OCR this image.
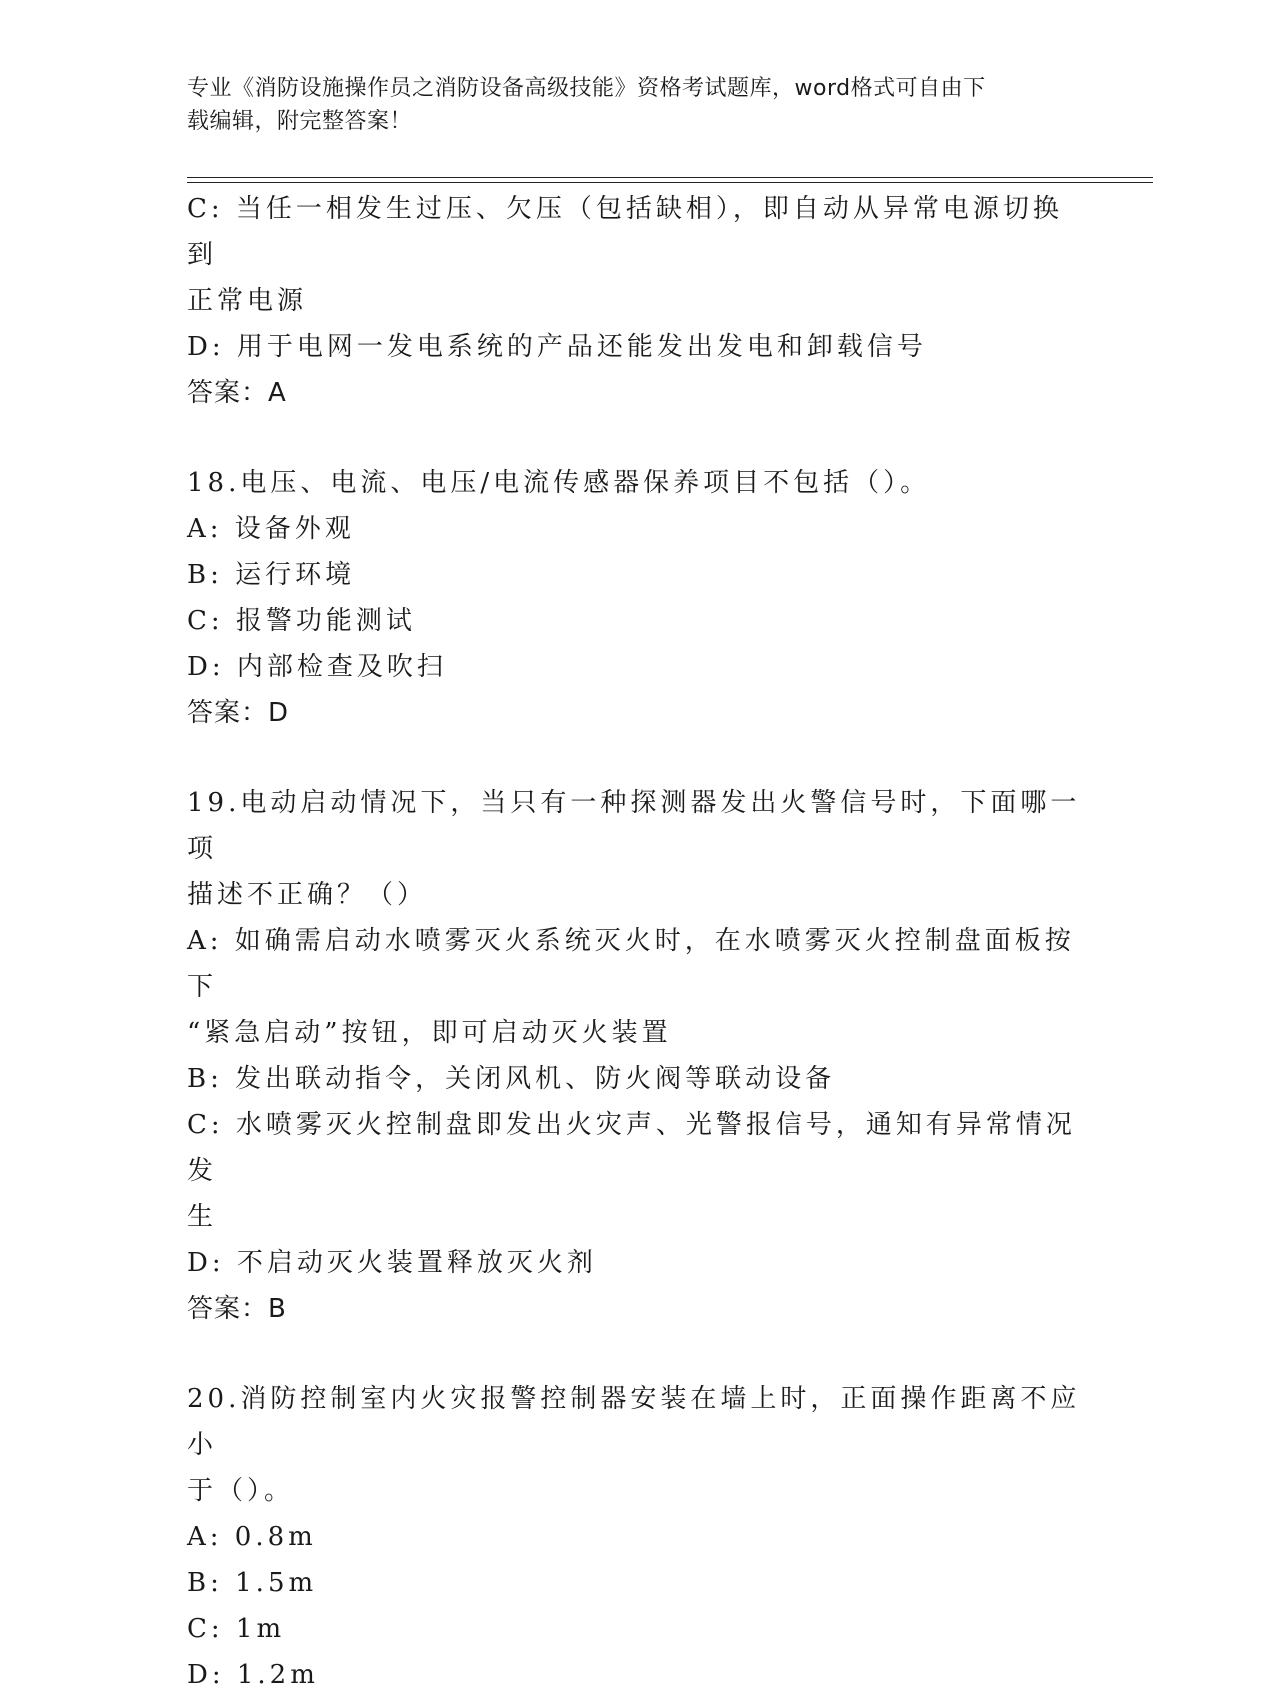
专业《消防设施操作员之消防设备高级技能》资格考试题库，word格式可自由下
载编辑，附完整答案！
C: 当任一相发生过压、欠压（包括缺相），即自动从异常电源切换到
正常电源
D: 用于电网一发电系统的产品还能发出发电和卸载信号
答案：A
18.电压、电流、电压/电流传感器保养项目不包括（）。
A: 设备外观
B: 运行环境
C: 报警功能测试
D: 内部检查及吹扫
答案：D
19.电动启动情况下，当只有一种探测器发出火警信号时，下面哪一项
描述不正确？（）
A: 如确需启动水喷雾灭火系统灭火时，在水喷雾灭火控制盘面板按下
“紧急启动”按钮，即可启动灭火装置
B: 发出联动指令，关闭风机、防火阀等联动设备
C: 水喷雾灭火控制盘即发出火灾声、光警报信号，通知有异常情况发
生
D: 不启动灭火装置释放灭火剂
答案：B
20.消防控制室内火灾报警控制器安装在墙上时，正面操作距离不应小
于（）。
A: 0.8m
B: 1.5m
C: 1m
D: 1.2m
